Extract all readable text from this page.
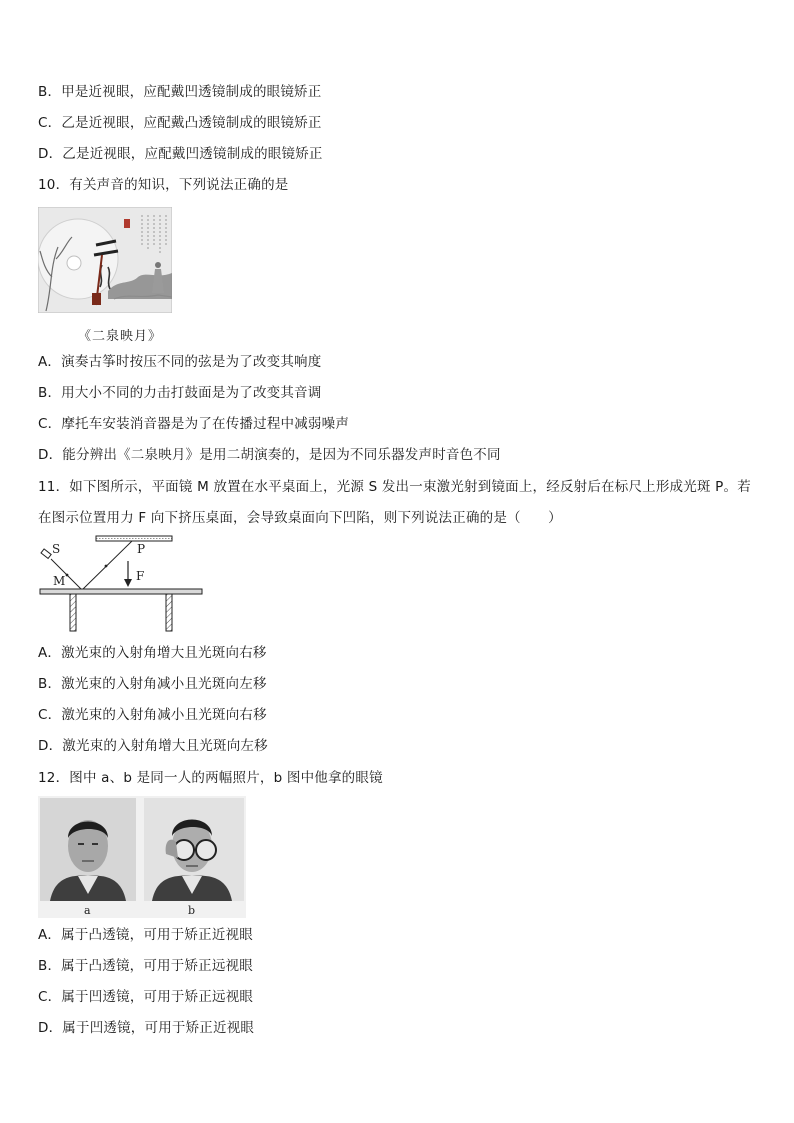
B．甲是近视眼，应配戴凹透镜制成的眼镜矫正
C．乙是近视眼，应配戴凸透镜制成的眼镜矫正
D．乙是近视眼，应配戴凹透镜制成的眼镜矫正
10．有关声音的知识，下列说法正确的是
《二泉映月》
A．演奏古筝时按压不同的弦是为了改变其响度
B．用大小不同的力击打鼓面是为了改变其音调
C．摩托车安装消音器是为了在传播过程中减弱噪声
D．能分辨出《二泉映月》是用二胡演奏的，是因为不同乐器发声时音色不同
11．如下图所示，平面镜 M 放置在水平桌面上，光源 S 发出一束激光射到镜面上，经反射后在标尺上形成光斑 P。若
在图示位置用力 F 向下挤压桌面，会导致桌面向下凹陷，则下列说法正确的是（　　）
S	P
M	F
A．激光束的入射角增大且光斑向右移
B．激光束的入射角减小且光斑向左移
C．激光束的入射角减小且光斑向右移
D．激光束的入射角增大且光斑向左移
12．图中 a、b 是同一人的两幅照片，b 图中他拿的眼镜
a	b
A．属于凸透镜，可用于矫正近视眼
B．属于凸透镜，可用于矫正远视眼
C．属于凹透镜，可用于矫正远视眼
D．属于凹透镜，可用于矫正近视眼
